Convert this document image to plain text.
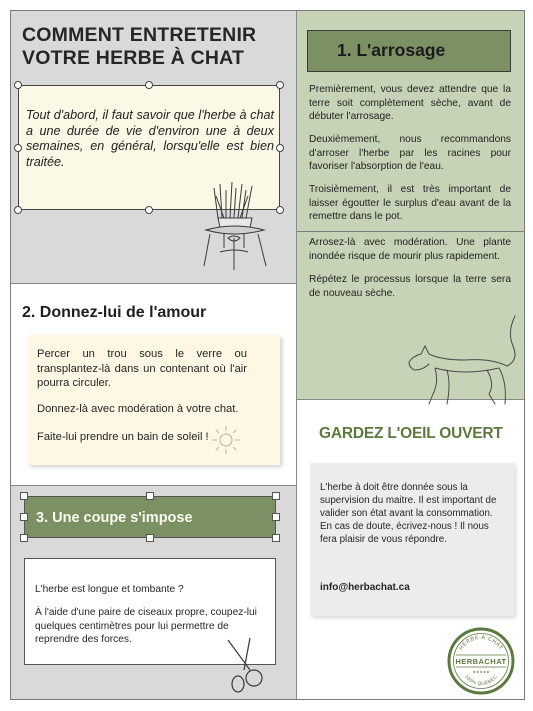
COMMENT ENTRETENIR
VOTRE HERBE À CHAT
Tout d'abord, il faut savoir que l'herbe à chat a une durée de vie d'environ une à deux semaines, en général, lorsqu'elle est bien traitée.
2. Donnez-lui de l'amour
Percer un trou sous le verre ou transplantez-là dans un contenant où l'air pourra circuler.
Donnez-là avec modération à votre chat.
Faite-lui prendre un bain de soleil !
1. L'arrosage
Premièrement, vous devez attendre que la terre soit complètement sèche, avant de débuter l'arrosage.
Deuxièmement, nous recommandons d'arroser l'herbe par les racines pour favoriser l'absorption de l'eau.
Troisièmement, il est très important de laisser égoutter le surplus d'eau avant de la remettre dans le pot.
Arrosez-là avec modération. Une plante inondée risque de mourir plus rapidement.
Répétez le processus lorsque la terre sera de nouveau sèche.
3. Une coupe s'impose
L'herbe est longue et tombante ?
À l'aide d'une paire de ciseaux propre, coupez-lui quelques centimètres pour lui permettre de reprendre des forces.
GARDEZ L'OEIL OUVERT
L'herbe à doit être donnée sous la supervision du maitre. Il est important de valider son état avant la consommation. En cas de doute, écrivez-nous ! Il nous fera plaisir de vous répondre.
info@herbachat.ca
HERBE À CHAT
HERBACHAT
100% QUÉBEC
